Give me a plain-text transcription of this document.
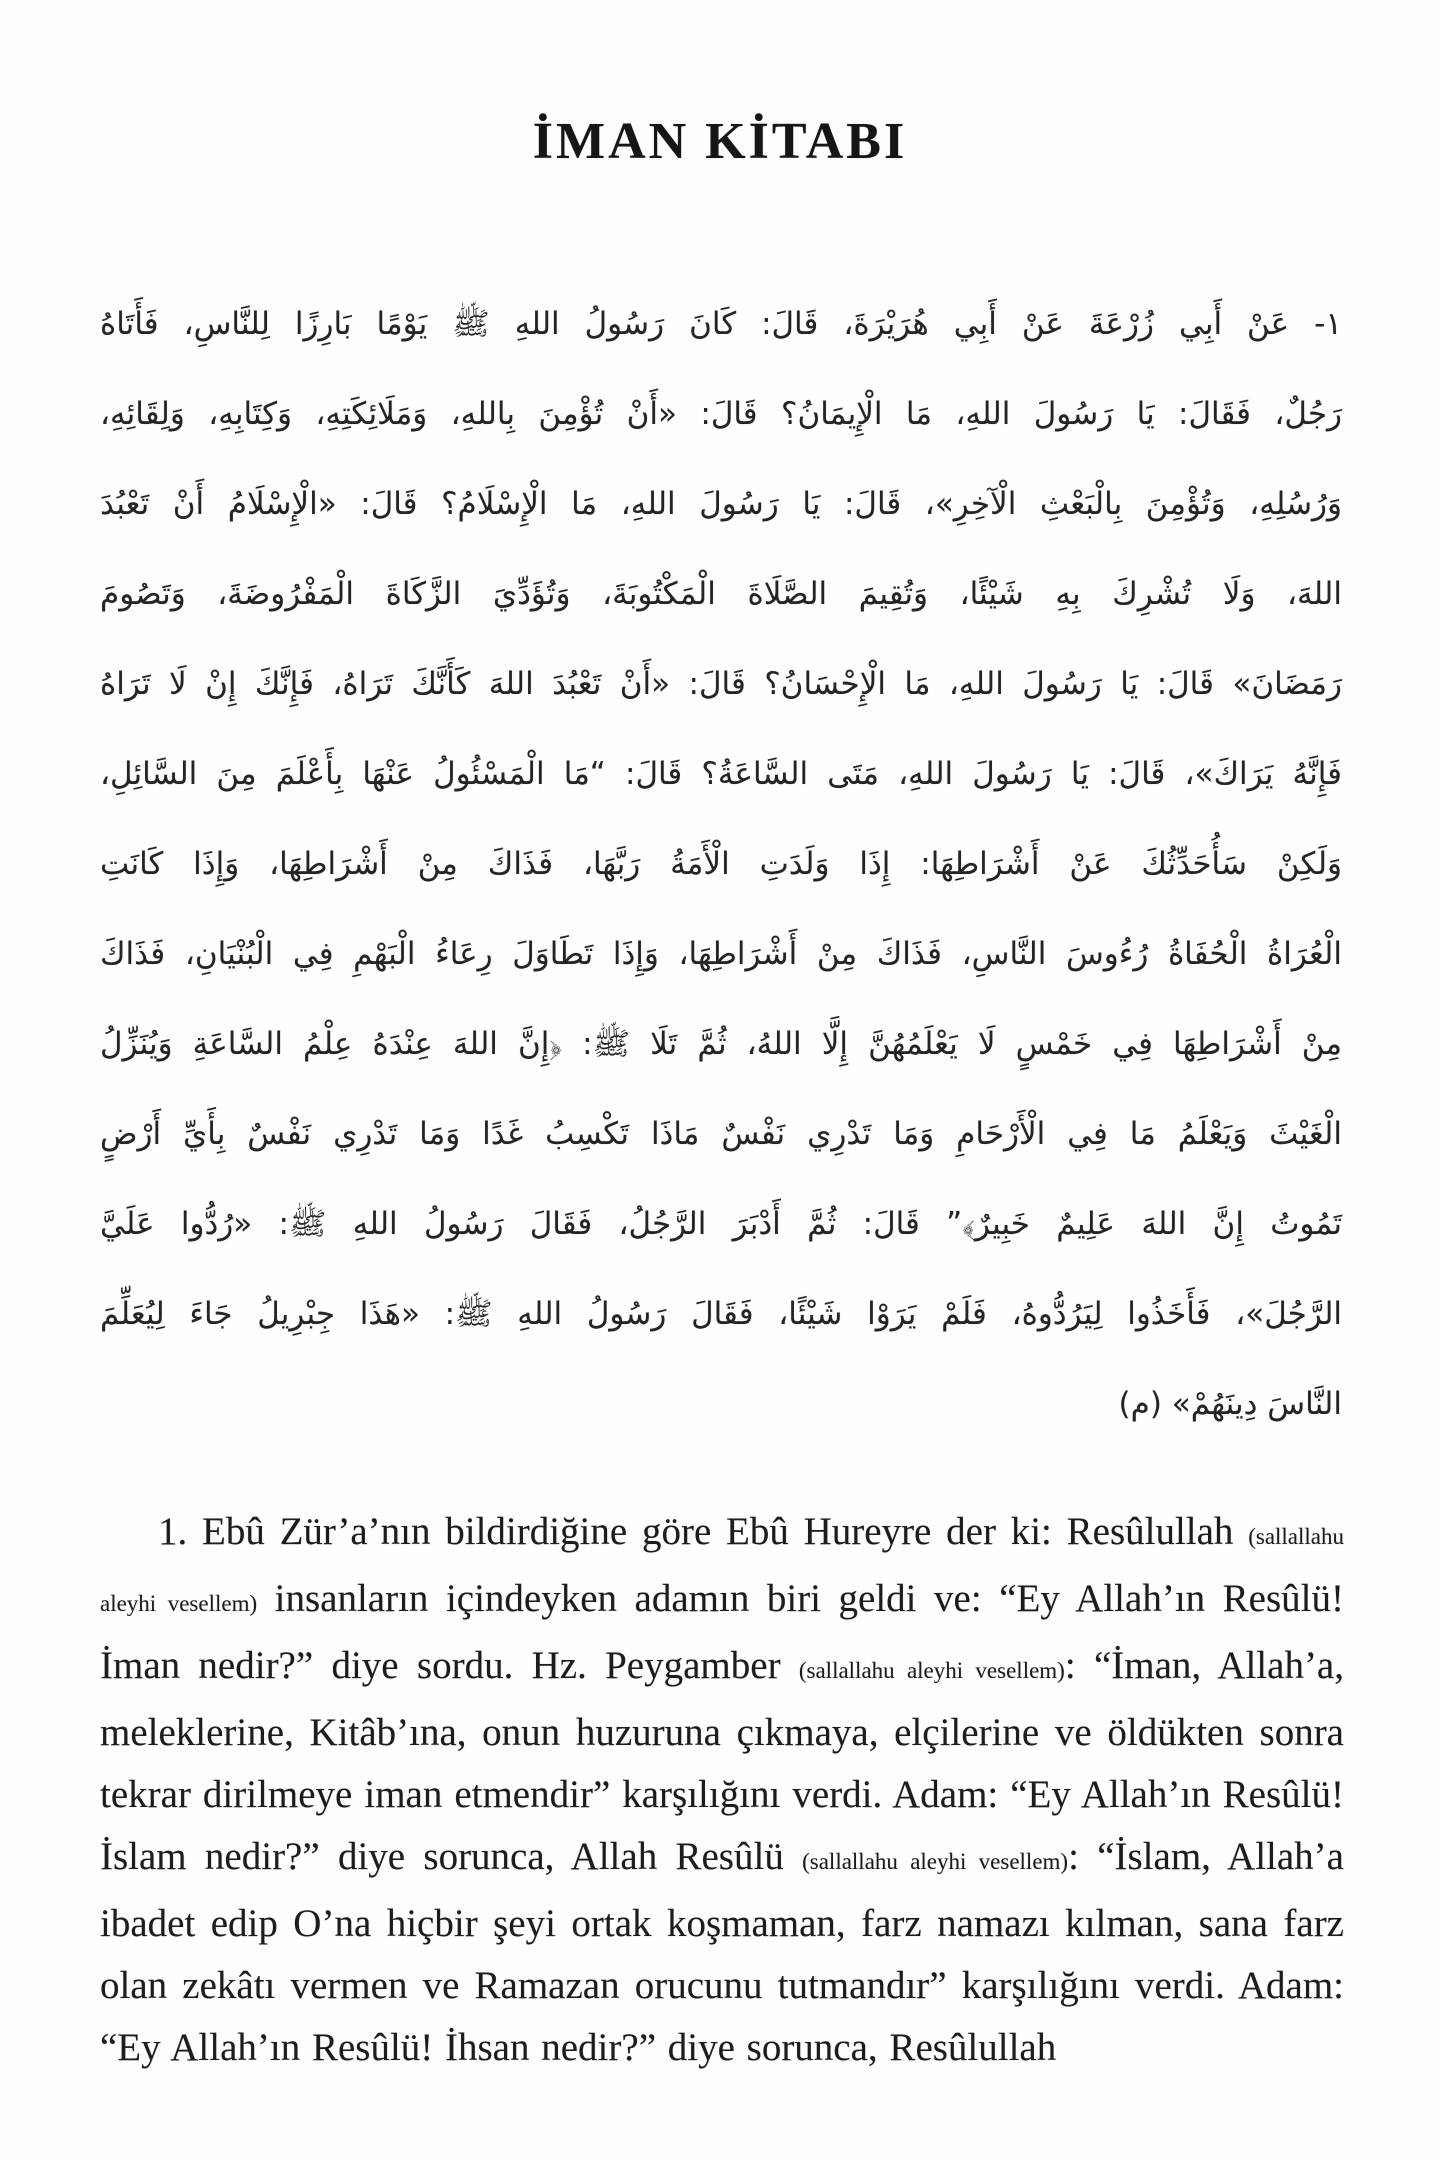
İMAN KİTABI
١- عَنْ أَبِي زُرْعَةَ عَنْ أَبِي هُرَيْرَةَ، قَالَ: كَانَ رَسُولُ اللهِ ﷺ يَوْمًا بَارِزًا لِلنَّاسِ، فَأَتَاهُ
رَجُلٌ، فَقَالَ: يَا رَسُولَ اللهِ، مَا الْإِيمَانُ؟ قَالَ: «أَنْ تُؤْمِنَ بِاللهِ، وَمَلَائِكَتِهِ، وَكِتَابِهِ، وَلِقَائِهِ،
وَرُسُلِهِ، وَتُؤْمِنَ بِالْبَعْثِ الْآخِرِ»، قَالَ: يَا رَسُولَ اللهِ، مَا الْإِسْلَامُ؟ قَالَ: «الْإِسْلَامُ أَنْ تَعْبُدَ
اللهَ، وَلَا تُشْرِكَ بِهِ شَيْئًا، وَتُقِيمَ الصَّلَاةَ الْمَكْتُوبَةَ، وَتُؤَدِّيَ الزَّكَاةَ الْمَفْرُوضَةَ، وَتَصُومَ
رَمَضَانَ» قَالَ: يَا رَسُولَ اللهِ، مَا الْإِحْسَانُ؟ قَالَ: «أَنْ تَعْبُدَ اللهَ كَأَنَّكَ تَرَاهُ، فَإِنَّكَ إِنْ لَا تَرَاهُ
فَإِنَّهُ يَرَاكَ»، قَالَ: يَا رَسُولَ اللهِ، مَتَى السَّاعَةُ؟ قَالَ: “مَا الْمَسْئُولُ عَنْهَا بِأَعْلَمَ مِنَ السَّائِلِ،
وَلَكِنْ سَأُحَدِّثُكَ عَنْ أَشْرَاطِهَا: إِذَا وَلَدَتِ الْأَمَةُ رَبَّهَا، فَذَاكَ مِنْ أَشْرَاطِهَا، وَإِذَا كَانَتِ
الْعُرَاةُ الْحُفَاةُ رُءُوسَ النَّاسِ، فَذَاكَ مِنْ أَشْرَاطِهَا، وَإِذَا تَطَاوَلَ رِعَاءُ الْبَهْمِ فِي الْبُنْيَانِ، فَذَاكَ
مِنْ أَشْرَاطِهَا فِي خَمْسٍ لَا يَعْلَمُهُنَّ إِلَّا اللهُ، ثُمَّ تَلَا ﷺ: ﴿إِنَّ اللهَ عِنْدَهُ عِلْمُ السَّاعَةِ وَيُنَزِّلُ
الْغَيْثَ وَيَعْلَمُ مَا فِي الْأَرْحَامِ وَمَا تَدْرِي نَفْسٌ مَاذَا تَكْسِبُ غَدًا وَمَا تَدْرِي نَفْسٌ بِأَيِّ أَرْضٍ
تَمُوتُ إِنَّ اللهَ عَلِيمٌ خَبِيرٌ﴾” قَالَ: ثُمَّ أَدْبَرَ الرَّجُلُ، فَقَالَ رَسُولُ اللهِ ﷺ: «رُدُّوا عَلَيَّ
الرَّجُلَ»، فَأَخَذُوا لِيَرُدُّوهُ، فَلَمْ يَرَوْا شَيْئًا، فَقَالَ رَسُولُ اللهِ ﷺ: «هَذَا جِبْرِيلُ جَاءَ لِيُعَلِّمَ
النَّاسَ دِينَهُمْ» (م)

1. Ebû Zür’a’nın bildirdiğine göre Ebû Hureyre der ki: Resûlullah (sallallahu aleyhi vesellem) insanların içindeyken adamın biri geldi ve: “Ey Allah’ın Resûlü! İman nedir?” diye sordu. Hz. Peygamber (sallallahu aleyhi vesellem): “İman, Allah’a, meleklerine, Kitâb’ına, onun huzuruna çıkmaya, elçilerine ve öldükten sonra tekrar dirilmeye iman etmendir” karşılığını verdi. Adam: “Ey Allah’ın Resûlü! İslam nedir?” diye sorunca, Allah Resûlü (sallallahu aleyhi vesellem): “İslam, Allah’a ibadet edip O’na hiçbir şeyi ortak koşmaman, farz namazı kılman, sana farz olan zekâtı vermen ve Ramazan orucunu tutmandır” karşılığını verdi. Adam: “Ey Allah’ın Resûlü! İhsan nedir?” diye sorunca, Resûlullah
